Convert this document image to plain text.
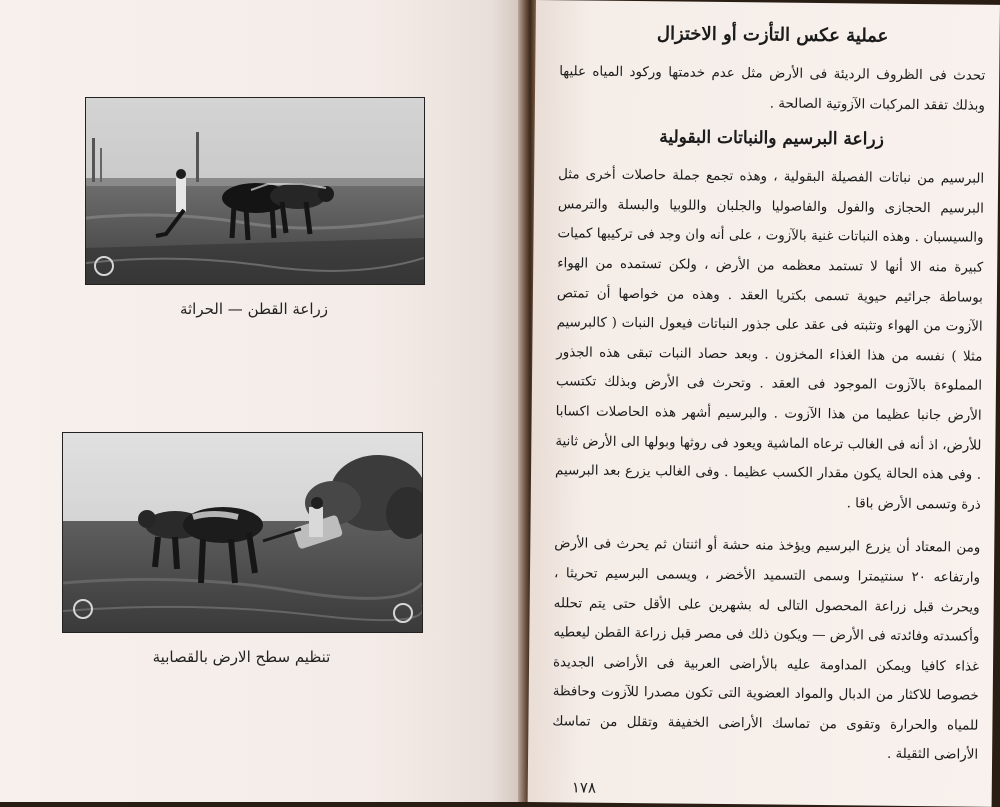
زراعة القطن — الحراثة
تنظيم سطح الارض بالقصابية
عملية عكس التأزت أو الاختزال

تحدث فى الظروف الرديئة فى الأرض مثل عدم خدمتها وركود المياه عليها وبذلك تفقد المركبات الآزوتية الصالحة .

زراعة البرسيم والنباتات البقولية

البرسيم من نباتات الفصيلة البقولية ، وهذه تجمع جملة حاصلات أخرى مثل البرسيم الحجازى والفول والفاصوليا والجلبان واللوبيا والبسلة والترمس والسيسبان . وهذه النباتات غنية بالآزوت ، على أنه وان وجد فى تركيبها كميات كبيرة منه الا أنها لا تستمد معظمه من الأرض ، ولكن تستمده من الهواء بوساطة جراثيم حيوية تسمى بكتريا العقد . وهذه من خواصها أن تمتص الآزوت من الهواء وتثبته فى عقد على جذور النباتات فيعول النبات ( كالبرسيم مثلا ) نفسه من هذا الغذاء المخزون . وبعد حصاد النبات تبقى هذه الجذور المملوءة بالآزوت الموجود فى العقد . وتحرث فى الأرض وبذلك تكتسب الأرض جانبا عظيما من هذا الآزوت . والبرسيم أشهر هذه الحاصلات اكسابا للأرض، اذ أنه فى الغالب ترعاه الماشية ويعود فى روثها وبولها الى الأرض ثانية . وفى هذه الحالة يكون مقدار الكسب عظيما . وفى الغالب يزرع بعد البرسيم ذرة وتسمى الأرض باقا .

ومن المعتاد أن يزرع البرسيم ويؤخذ منه حشة أو اثنتان ثم يحرث فى الأرض وارتفاعه ٢٠ سنتيمترا وسمى التسميد الأخضر ، ويسمى البرسيم تحريثا ، ويحرث قبل زراعة المحصول التالى له بشهرين على الأقل حتى يتم تحلله وأكسدته وفائدته فى الأرض — ويكون ذلك فى مصر قبل زراعة القطن ليعطيه غذاء كافيا ويمكن المداومة عليه بالأراضى العربية فى الأراضى الجديدة خصوصا للاكثار من الدبال والمواد العضوية التى تكون مصدرا للآزوت وحافظة للمياه والحرارة وتقوى من تماسك الأراضى الخفيفة وتقلل من تماسك الأراضى الثقيلة .

١٧٨
